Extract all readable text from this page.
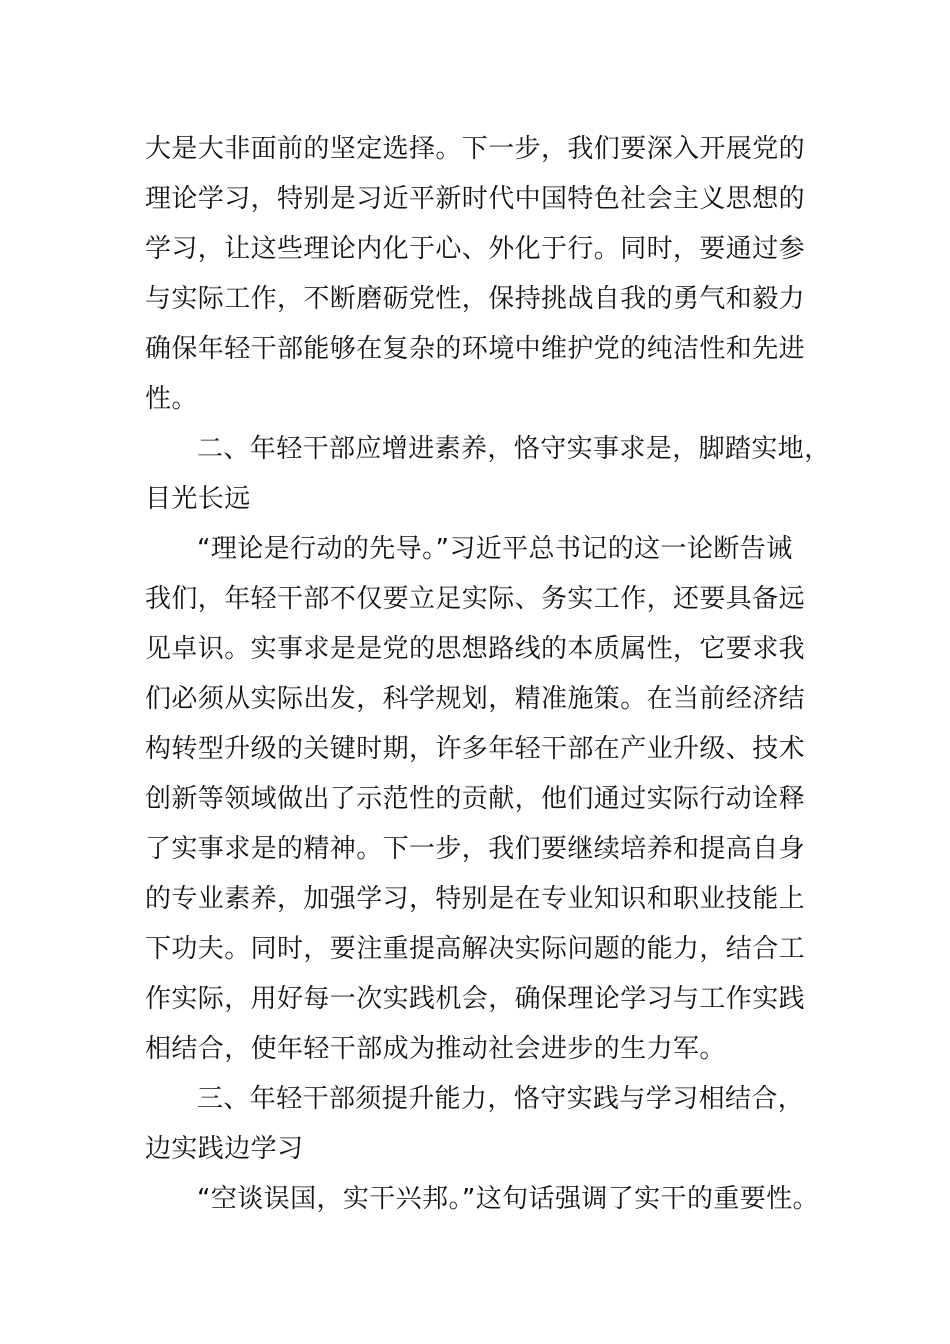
大是大非面前的坚定选择。下一步，我们要深入开展党的
理论学习，特别是习近平新时代中国特色社会主义思想的
学习，让这些理论内化于心、外化于行。同时，要通过参
与实际工作，不断磨砺党性，保持挑战自我的勇气和毅力
确保年轻干部能够在复杂的环境中维护党的纯洁性和先进
性。
二、年轻干部应增进素养，恪守实事求是，脚踏实地，
目光长远
“理论是行动的先导。”习近平总书记的这一论断告诫
我们，年轻干部不仅要立足实际、务实工作，还要具备远
见卓识。实事求是是党的思想路线的本质属性，它要求我
们必须从实际出发，科学规划，精准施策。在当前经济结
构转型升级的关键时期，许多年轻干部在产业升级、技术
创新等领域做出了示范性的贡献，他们通过实际行动诠释
了实事求是的精神。下一步，我们要继续培养和提高自身
的专业素养，加强学习，特别是在专业知识和职业技能上
下功夫。同时，要注重提高解决实际问题的能力，结合工
作实际，用好每一次实践机会，确保理论学习与工作实践
相结合，使年轻干部成为推动社会进步的生力军。
三、年轻干部须提升能力，恪守实践与学习相结合，
边实践边学习
“空谈误国，实干兴邦。”这句话强调了实干的重要性。
